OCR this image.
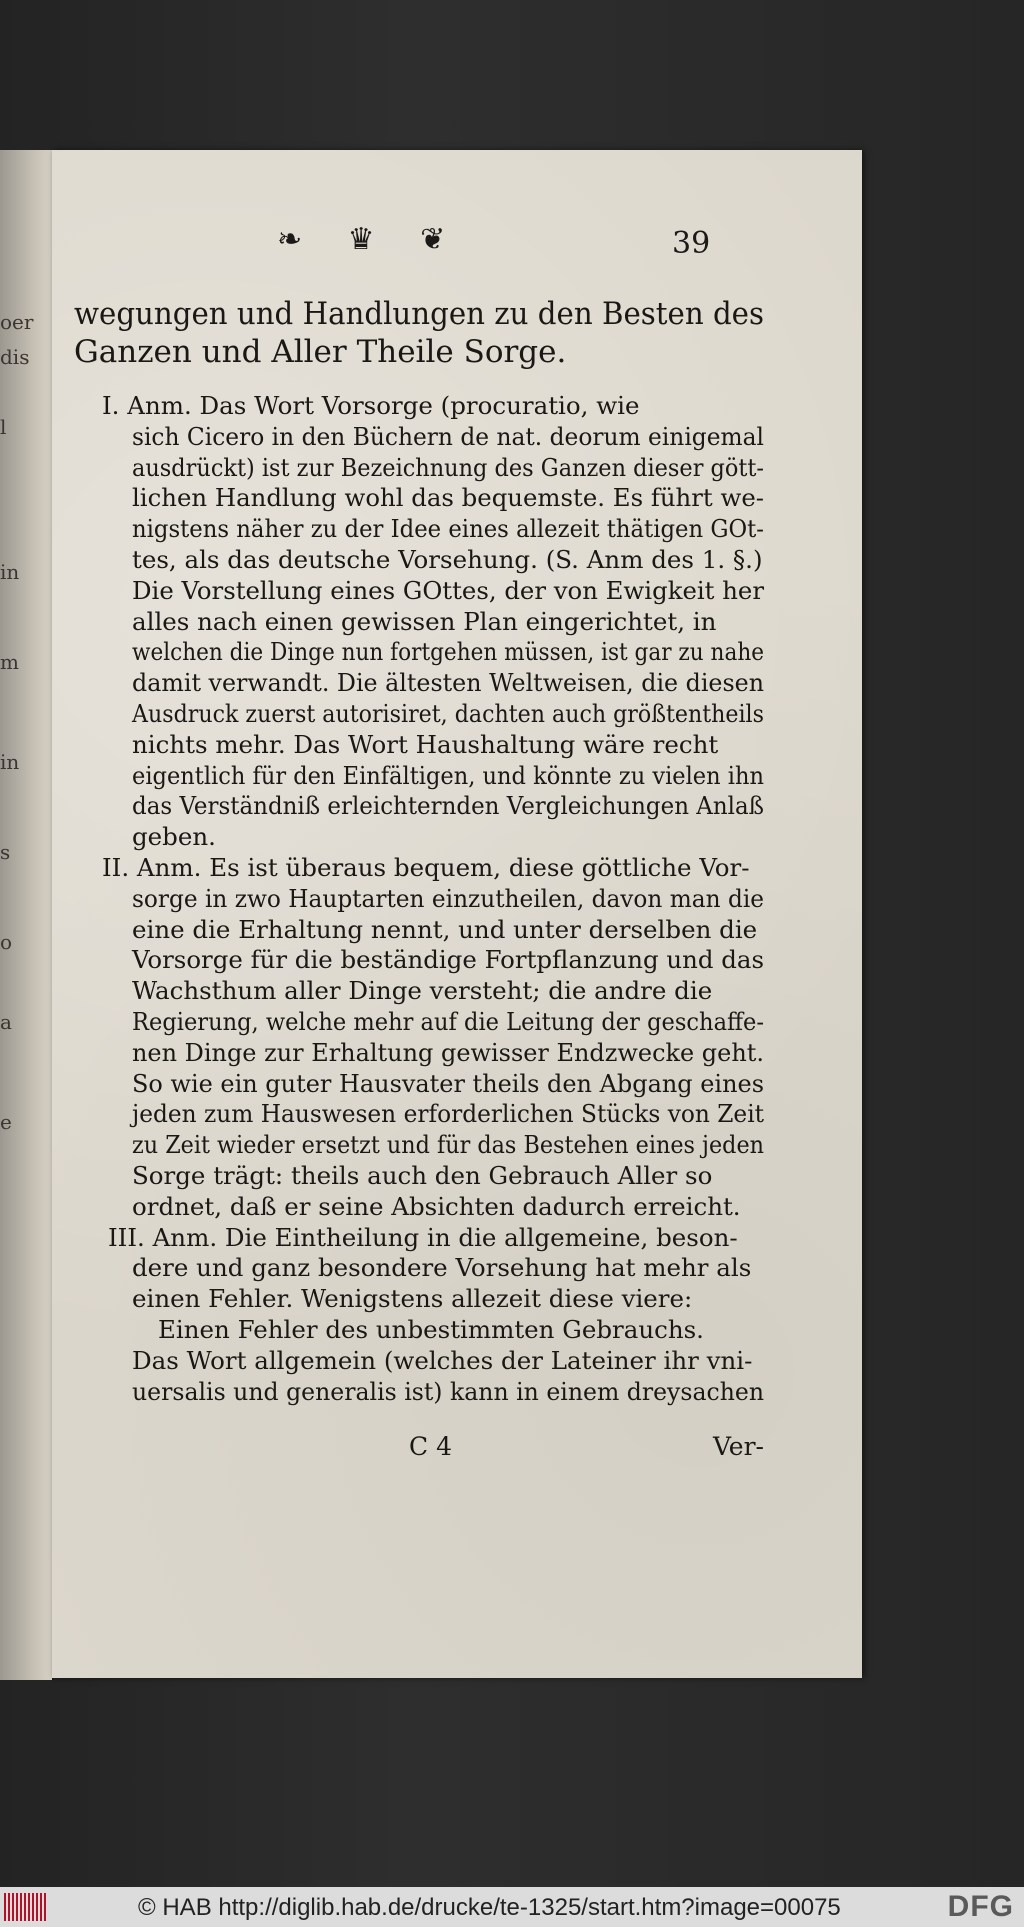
oer
dis
l
in
m
in
s
o
a
e
❧ ♛ ❦	39
wegungen und Handlungen zu den Besten des
Ganzen und Aller Theile Sorge.
I. Anm. Das Wort Vorsorge (procuratio, wie
sich Cicero in den Büchern de nat. deorum einigemal
ausdrückt) ist zur Bezeichnung des Ganzen dieser gött-
lichen Handlung wohl das bequemste. Es führt we-
nigstens näher zu der Idee eines allezeit thätigen GOt-
tes, als das deutsche Vorsehung. (S. Anm des 1. §.)
Die Vorstellung eines GOttes, der von Ewigkeit her
alles nach einen gewissen Plan eingerichtet, in
welchen die Dinge nun fortgehen müssen, ist gar zu nahe
damit verwandt. Die ältesten Weltweisen, die diesen
Ausdruck zuerst autorisiret, dachten auch größtentheils
nichts mehr. Das Wort Haushaltung wäre recht
eigentlich für den Einfältigen, und könnte zu vielen ihn
das Verständniß erleichternden Vergleichungen Anlaß
geben.
II. Anm. Es ist überaus bequem, diese göttliche Vor-
sorge in zwo Hauptarten einzutheilen, davon man die
eine die Erhaltung nennt, und unter derselben die
Vorsorge für die beständige Fortpflanzung und das
Wachsthum aller Dinge versteht; die andre die
Regierung, welche mehr auf die Leitung der geschaffe-
nen Dinge zur Erhaltung gewisser Endzwecke geht.
So wie ein guter Hausvater theils den Abgang eines
jeden zum Hauswesen erforderlichen Stücks von Zeit
zu Zeit wieder ersetzt und für das Bestehen eines jeden
Sorge trägt: theils auch den Gebrauch Aller so
ordnet, daß er seine Absichten dadurch erreicht.
III. Anm. Die Eintheilung in die allgemeine, beson-
dere und ganz besondere Vorsehung hat mehr als
einen Fehler. Wenigstens allezeit diese viere:
Einen Fehler des unbestimmten Gebrauchs.
Das Wort allgemein (welches der Lateiner ihr vni-
uersalis und generalis ist) kann in einem dreysachen
C 4	Ver-
© HAB http://diglib.hab.de/drucke/te-1325/start.htm?image=00075	DFG
